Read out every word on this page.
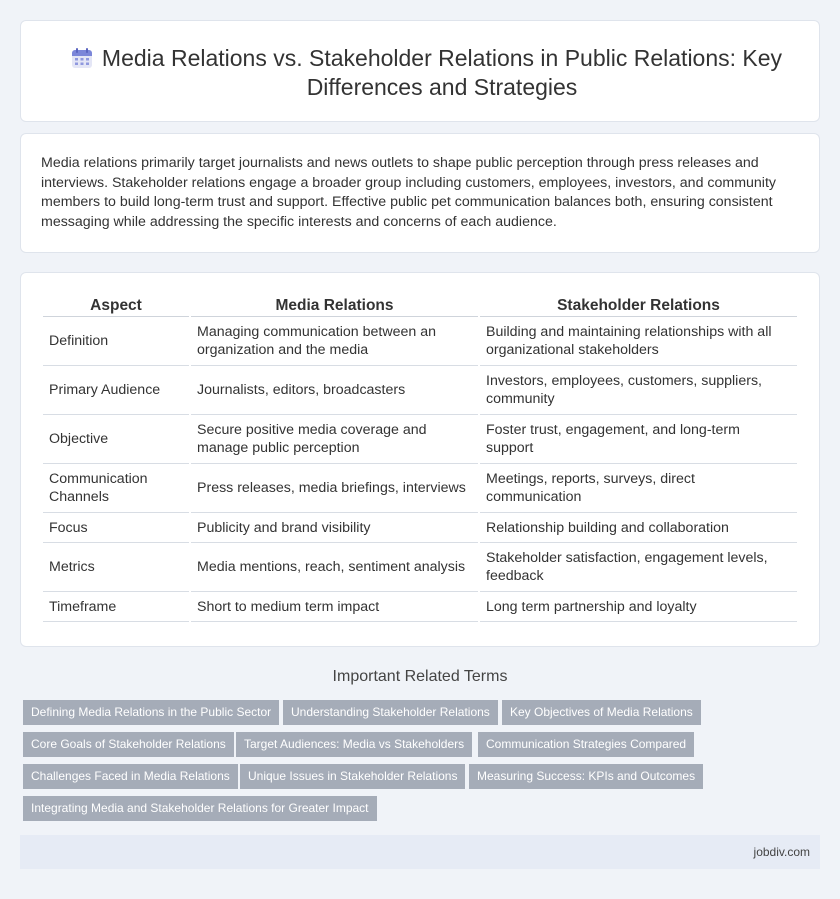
Media Relations vs. Stakeholder Relations in Public Relations: Key Differences and Strategies

Media relations primarily target journalists and news outlets to shape public perception through press releases and interviews. Stakeholder relations engage a broader group including customers, employees, investors, and community members to build long-term trust and support. Effective public pet communication balances both, ensuring consistent messaging while addressing the specific interests and concerns of each audience.

Aspect	Media Relations	Stakeholder Relations
Definition	Managing communication between an organization and the media	Building and maintaining relationships with all organizational stakeholders
Primary Audience	Journalists, editors, broadcasters	Investors, employees, customers, suppliers, community
Objective	Secure positive media coverage and manage public perception	Foster trust, engagement, and long-term support
Communication Channels	Press releases, media briefings, interviews	Meetings, reports, surveys, direct communication
Focus	Publicity and brand visibility	Relationship building and collaboration
Metrics	Media mentions, reach, sentiment analysis	Stakeholder satisfaction, engagement levels, feedback
Timeframe	Short to medium term impact	Long term partnership and loyalty
Important Related Terms
Defining Media Relations in the Public Sector	Understanding Stakeholder Relations	Key Objectives of Media Relations
Core Goals of Stakeholder Relations	Target Audiences: Media vs Stakeholders	Communication Strategies Compared
Challenges Faced in Media Relations	Unique Issues in Stakeholder Relations	Measuring Success: KPIs and Outcomes
Integrating Media and Stakeholder Relations for Greater Impact
jobdiv.com
